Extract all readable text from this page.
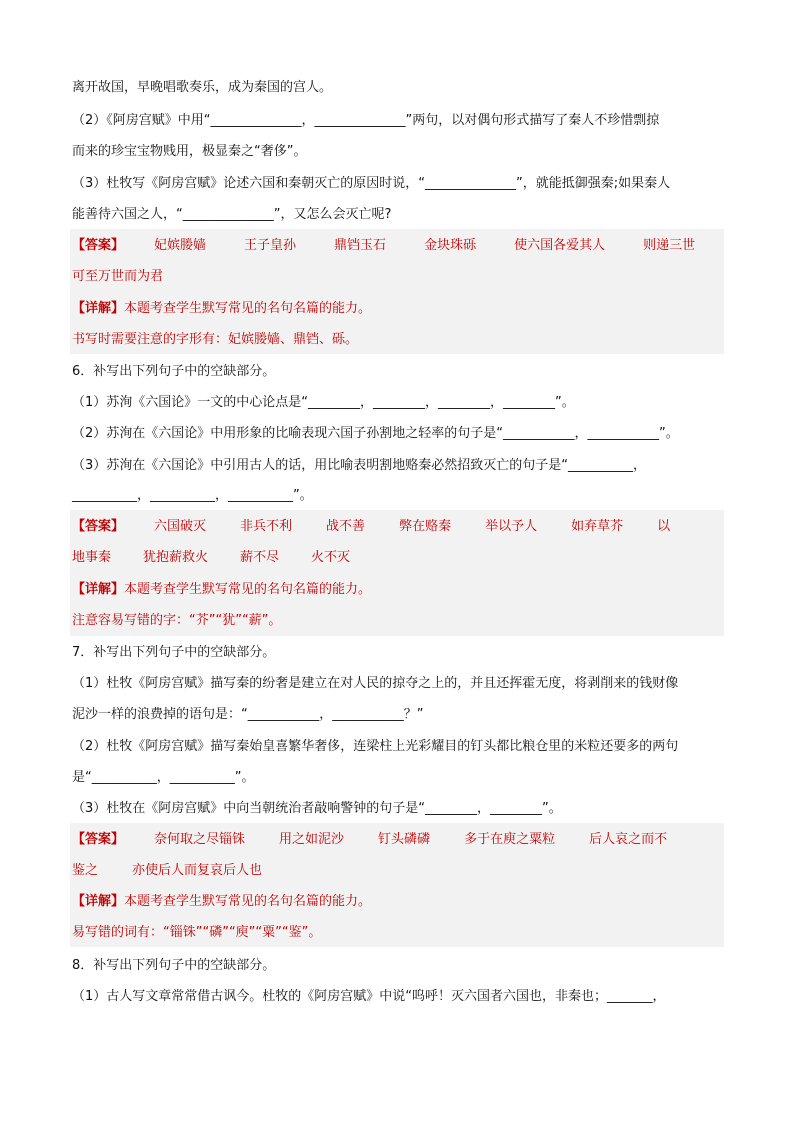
离开故国，早晚唱歌奏乐，成为秦国的宫人。
（2）《阿房宫赋》中用“______________，______________”两句，以对偶句形式描写了秦人不珍惜剽掠
而来的珍宝宝物贱用，极显秦之“奢侈”。
（3）杜牧写《阿房宫赋》论述六国和秦朝灭亡的原因时说，“______________”，就能抵御强秦;如果秦人
能善待六国之人，“______________”，又怎么会灭亡呢?
【答案】 妃嫔媵嫱	王子皇孙	鼎铛玉石	金块珠砾	使六国各爱其人	则递三世
可至万世而为君
【详解】本题考查学生默写常见的名句名篇的能力。
书写时需要注意的字形有：妃嫔媵嫱、鼎铛、砾。
6．补写出下列句子中的空缺部分。
（1）苏洵《六国论》一文的中心论点是“________，________，________，________”。
（2）苏洵在《六国论》中用形象的比喻表现六国子孙割地之轻率的句子是“___________，___________”。
（3）苏洵在《六国论》中引用古人的话，用比喻表明割地赂秦必然招致灭亡的句子是“__________，
__________，__________，__________”。
【答案】 六国破灭	非兵不利	战不善	弊在赂秦	举以予人	如弃草芥	以
地事秦 犹抱薪救火 薪不尽 火不灭
【详解】本题考查学生默写常见的名句名篇的能力。
注意容易写错的字：“芥”“犹”“薪”。
7．补写出下列句子中的空缺部分。
（1）杜牧《阿房宫赋》描写秦的纷奢是建立在对人民的掠夺之上的，并且还挥霍无度，将剥削来的钱财像
泥沙一样的浪费掉的语句是：“___________，___________？”
（2）杜牧《阿房宫赋》描写秦始皇喜繁华奢侈，连梁柱上光彩耀目的钉头都比粮仓里的米粒还要多的两句
是“__________，__________”。
（3）杜牧在《阿房宫赋》中向当朝统治者敲响警钟的句子是“________，________”。
【答案】 奈何取之尽锱铢	用之如泥沙	钉头磷磷	多于在庾之粟粒	后人哀之而不
鉴之	亦使后人而复哀后人也
【详解】本题考查学生默写常见的名句名篇的能力。
易写错的词有：“锱铢”“磷”“庾”“粟”“鉴”。
8．补写出下列句子中的空缺部分。
（1）古人写文章常常借古讽今。杜牧的《阿房宫赋》中说“呜呼！灭六国者六国也，非秦也；_______，
